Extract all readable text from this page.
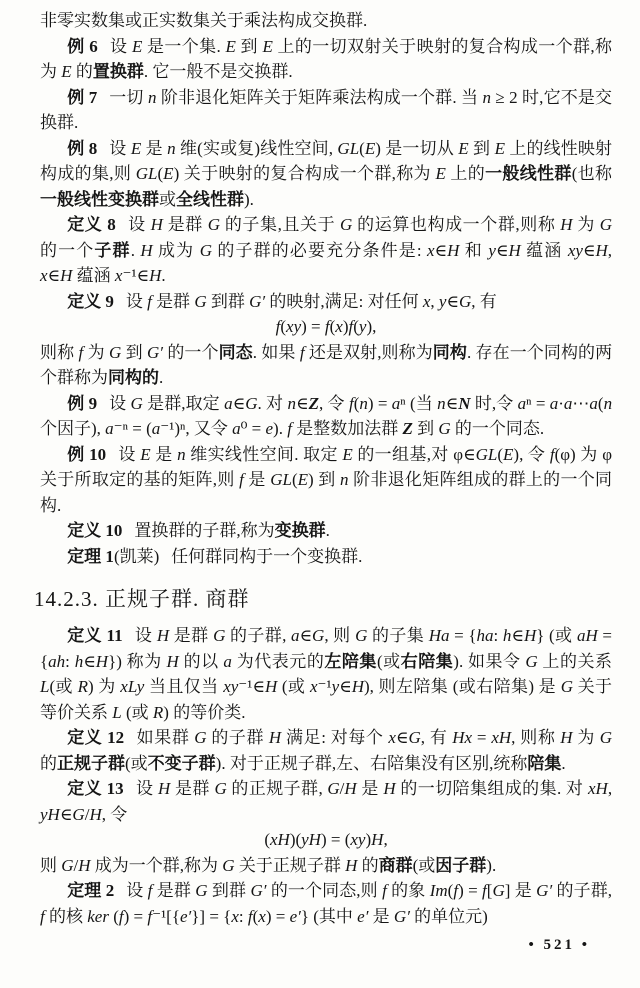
非零实数集或正实数集关于乘法构成交换群.

例 6 设 E 是一个集. E 到 E 上的一切双射关于映射的复合构成一个群,称为 E 的置换群. 它一般不是交换群.

例 7 一切 n 阶非退化矩阵关于矩阵乘法构成一个群. 当 n ≥ 2 时,它不是交换群.

例 8 设 E 是 n 维(实或复)线性空间, GL(E) 是一切从 E 到 E 上的线性映射构成的集,则 GL(E) 关于映射的复合构成一个群,称为 E 上的一般线性群(也称一般线性变换群或全线性群).

定义 8 设 H 是群 G 的子集,且关于 G 的运算也构成一个群,则称 H 为 G 的一个子群. H 成为 G 的子群的必要充分条件是: x∈H 和 y∈H 蕴涵 xy∈H, x∈H 蕴涵 x⁻¹∈H.

定义 9 设 f 是群 G 到群 G′ 的映射,满足: 对任何 x, y∈G, 有

f(xy) = f(x)f(y),

则称 f 为 G 到 G′ 的一个同态. 如果 f 还是双射,则称为同构. 存在一个同构的两个群称为同构的.

例 9 设 G 是群,取定 a∈G. 对 n∈Z, 令 f(n) = aⁿ (当 n∈N 时,令 aⁿ = a·a⋯a(n 个因子), a⁻ⁿ = (a⁻¹)ⁿ, 又令 a⁰ = e). f 是整数加法群 Z 到 G 的一个同态.

例 10 设 E 是 n 维实线性空间. 取定 E 的一组基,对 φ∈GL(E), 令 f(φ) 为 φ 关于所取定的基的矩阵,则 f 是 GL(E) 到 n 阶非退化矩阵组成的群上的一个同构.

定义 10 置换群的子群,称为变换群.

定理 1(凯莱) 任何群同构于一个变换群.

14.2.3. 正规子群. 商群

定义 11 设 H 是群 G 的子群, a∈G, 则 G 的子集 Ha = {ha: h∈H} (或 aH = {ah: h∈H}) 称为 H 的以 a 为代表元的左陪集(或右陪集). 如果令 G 上的关系 L(或 R) 为 xLy 当且仅当 xy⁻¹∈H (或 x⁻¹y∈H), 则左陪集 (或右陪集) 是 G 关于等价关系 L (或 R) 的等价类.

定义 12 如果群 G 的子群 H 满足: 对每个 x∈G, 有 Hx = xH, 则称 H 为 G 的正规子群(或不变子群). 对于正规子群,左、右陪集没有区别,统称陪集.

定义 13 设 H 是群 G 的正规子群, G/H 是 H 的一切陪集组成的集. 对 xH, yH∈G/H, 令

(xH)(yH) = (xy)H,

则 G/H 成为一个群,称为 G 关于正规子群 H 的商群(或因子群).

定理 2 设 f 是群 G 到群 G′ 的一个同态,则 f 的象 Im(f) = f[G] 是 G′ 的子群, f 的核 ker (f) = f⁻¹[{e′}] = {x: f(x) = e′} (其中 e′ 是 G′ 的单位元)

• 521 •
